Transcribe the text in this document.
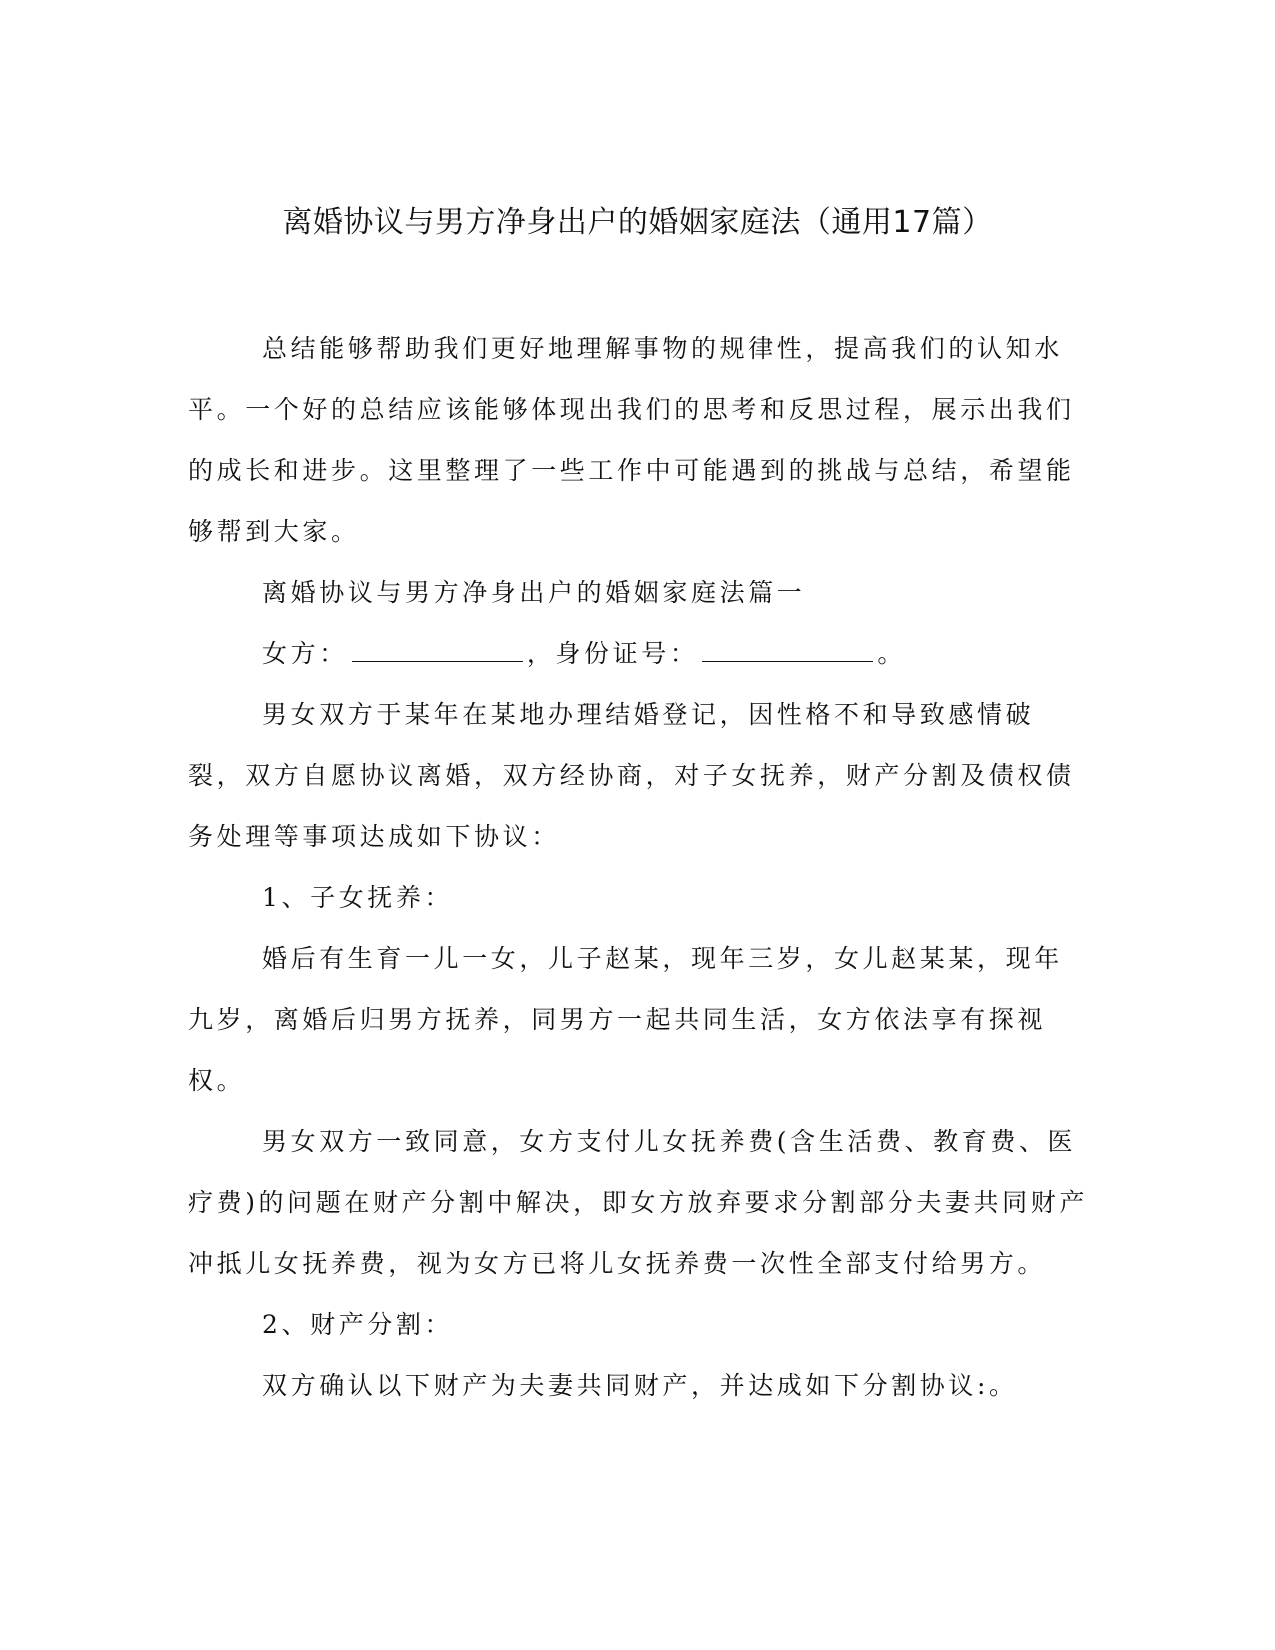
离婚协议与男方净身出户的婚姻家庭法（通用17篇）

总结能够帮助我们更好地理解事物的规律性，提高我们的认知水平。一个好的总结应该能够体现出我们的思考和反思过程，展示出我们的成长和进步。这里整理了一些工作中可能遇到的挑战与总结，希望能够帮到大家。

离婚协议与男方净身出户的婚姻家庭法篇一

女方：	，身份证号：	。

男女双方于某年在某地办理结婚登记，因性格不和导致感情破裂，双方自愿协议离婚，双方经协商，对子女抚养，财产分割及债权债务处理等事项达成如下协议：

1、子女抚养：

婚后有生育一儿一女，儿子赵某，现年三岁，女儿赵某某，现年九岁，离婚后归男方抚养，同男方一起共同生活，女方依法享有探视权。

男女双方一致同意，女方支付儿女抚养费(含生活费、教育费、医疗费)的问题在财产分割中解决，即女方放弃要求分割部分夫妻共同财产冲抵儿女抚养费，视为女方已将儿女抚养费一次性全部支付给男方。

2、财产分割：

双方确认以下财产为夫妻共同财产，并达成如下分割协议:。
